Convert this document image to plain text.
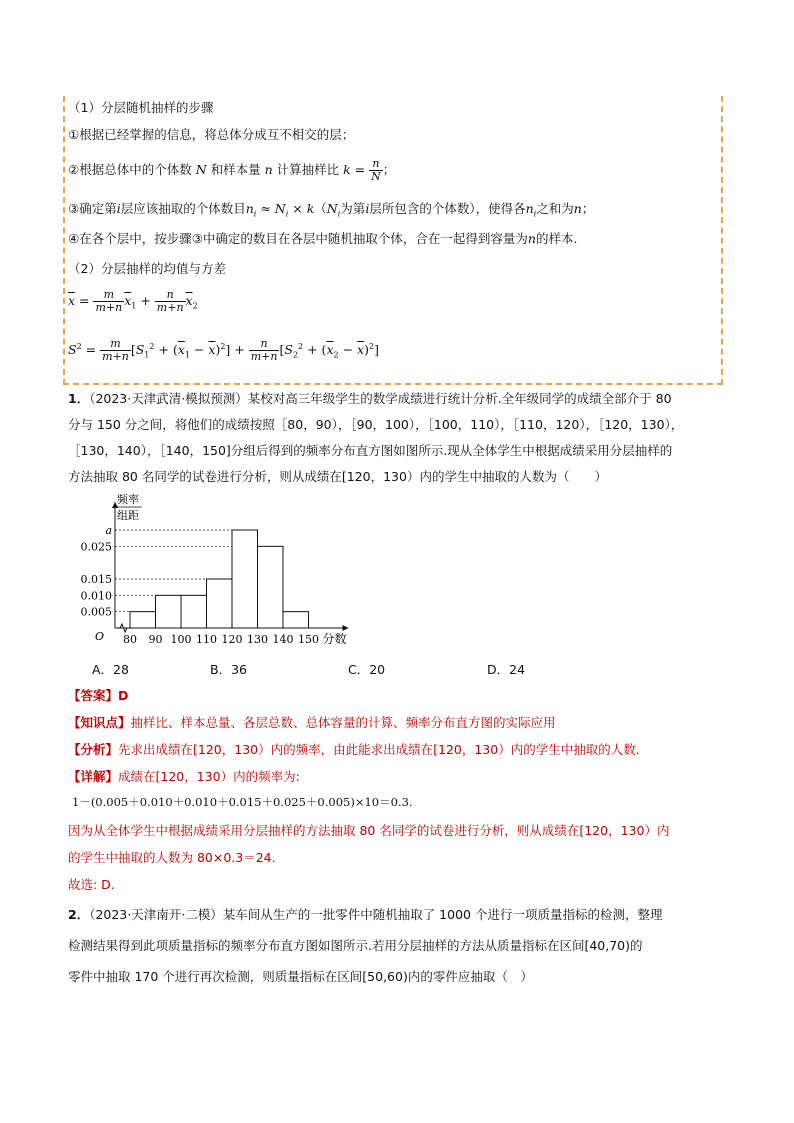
（1）分层随机抽样的步骤
①根据已经掌握的信息，将总体分成互不相交的层；
②根据总体中的个体数 N 和样本量 n 计算抽样比 $k = \frac{n}{N}$ ；
③确定第i层应该抽取的个体数目$n_i \approx N_i \times k(N_i$为第i层所包含的个体数），使得各$n_i$之和为n；
④在各个层中，按步骤③中确定的数目在各层中随机抽取个体，合在一起得到容量为n的样本.
（2）分层抽样的均值与方差
$\overline{x} = \frac{m}{m+n} \overline{x}_1 + \frac{n}{m+n} \overline{x}_2$
$S^2 = \frac{m}{m+n} [S_1^2 + (\overline{x}_1 - \overline{x})^2] + \frac{n}{m+n} [S_2^2 + (\overline{x}_2 - \overline{x})^2]$
1．（2023·天津武清·模拟预测）某校对高三年级学生的数学成绩进行统计分析.全年级同学的成绩全部介于 80
分与 150 分之间，将他们的成绩按照［80，90），［90，100），［100，110），［110，120），［120，130），
［130，140），［140，150]分组后得到的频率分布直方图如图所示.现从全体学生中根据成绩采用分层抽样的
方法抽取 80 名同学的试卷进行分析，则从成绩在[120，130）内的学生中抽取的人数为（　　）
频率
组距
O
0.005
0.010
0.015
0.025
a
80 90 100 110 120 130 140 150 分数
A．28	B．36	C．20	D．24
【答案】D
【知识点】抽样比、样本总量、各层总数、总体容量的计算、频率分布直方图的实际应用
【分析】先求出成绩在[120，130）内的频率，由此能求出成绩在[120，130）内的学生中抽取的人数.
【详解】成绩在[120，130）内的频率为:
1－(0.005＋0.010＋0.010＋0.015＋0.025＋0.005)×10＝0.3.
因为从全体学生中根据成绩采用分层抽样的方法抽取 80 名同学的试卷进行分析，则从成绩在[120，130）内
的学生中抽取的人数为 80×0.3＝24.
故选: D.
2．（2023·天津南开·二模）某车间从生产的一批零件中随机抽取了 1000 个进行一项质量指标的检测，整理
检测结果得到此项质量指标的频率分布直方图如图所示.若用分层抽样的方法从质量指标在区间[40,70)的
零件中抽取 170 个进行再次检测，则质量指标在区间[50,60)内的零件应抽取（　）
